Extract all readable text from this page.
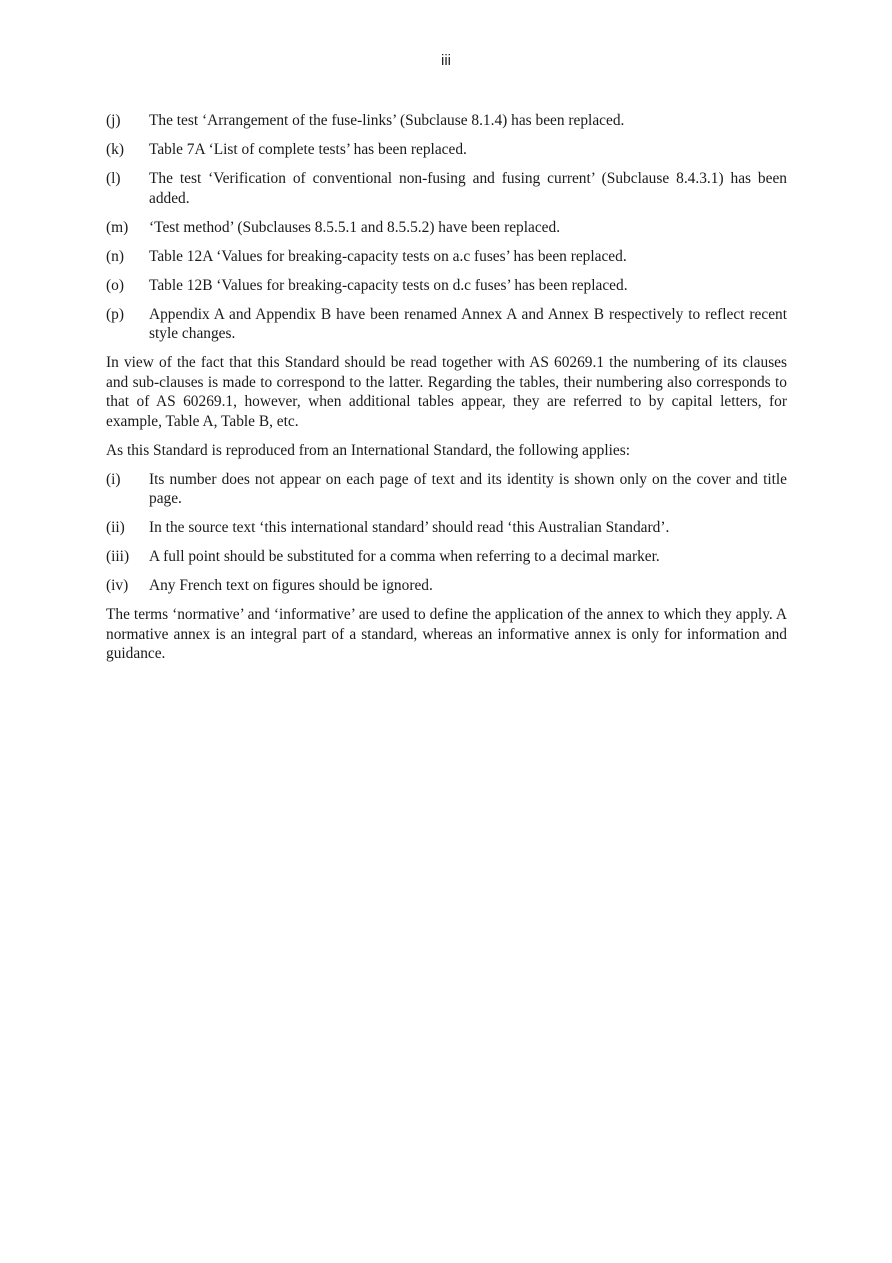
iii
(j)	The test ‘Arrangement of the fuse-links’ (Subclause 8.1.4) has been replaced.
(k)	Table 7A ‘List of complete tests’ has been replaced.
(l)	The test ‘Verification of conventional non-fusing and fusing current’ (Subclause 8.4.3.1) has been added.
(m)	‘Test method’ (Subclauses 8.5.5.1 and 8.5.5.2) have been replaced.
(n)	Table 12A ‘Values for breaking-capacity tests on a.c fuses’ has been replaced.
(o)	Table 12B ‘Values for breaking-capacity tests on d.c fuses’ has been replaced.
(p)	Appendix A and Appendix B have been renamed Annex A and Annex B respectively to reflect recent style changes.

In view of the fact that this Standard should be read together with AS 60269.1 the numbering of its clauses and sub-clauses is made to correspond to the latter. Regarding the tables, their numbering also corresponds to that of AS 60269.1, however, when additional tables appear, they are referred to by capital letters, for example, Table A, Table B, etc.

As this Standard is reproduced from an International Standard, the following applies:

(i)	Its number does not appear on each page of text and its identity is shown only on the cover and title page.
(ii)	In the source text ‘this international standard’ should read ‘this Australian Standard’.
(iii)	A full point should be substituted for a comma when referring to a decimal marker.
(iv)	Any French text on figures should be ignored.

The terms ‘normative’ and ‘informative’ are used to define the application of the annex to which they apply. A normative annex is an integral part of a standard, whereas an informative annex is only for information and guidance.
